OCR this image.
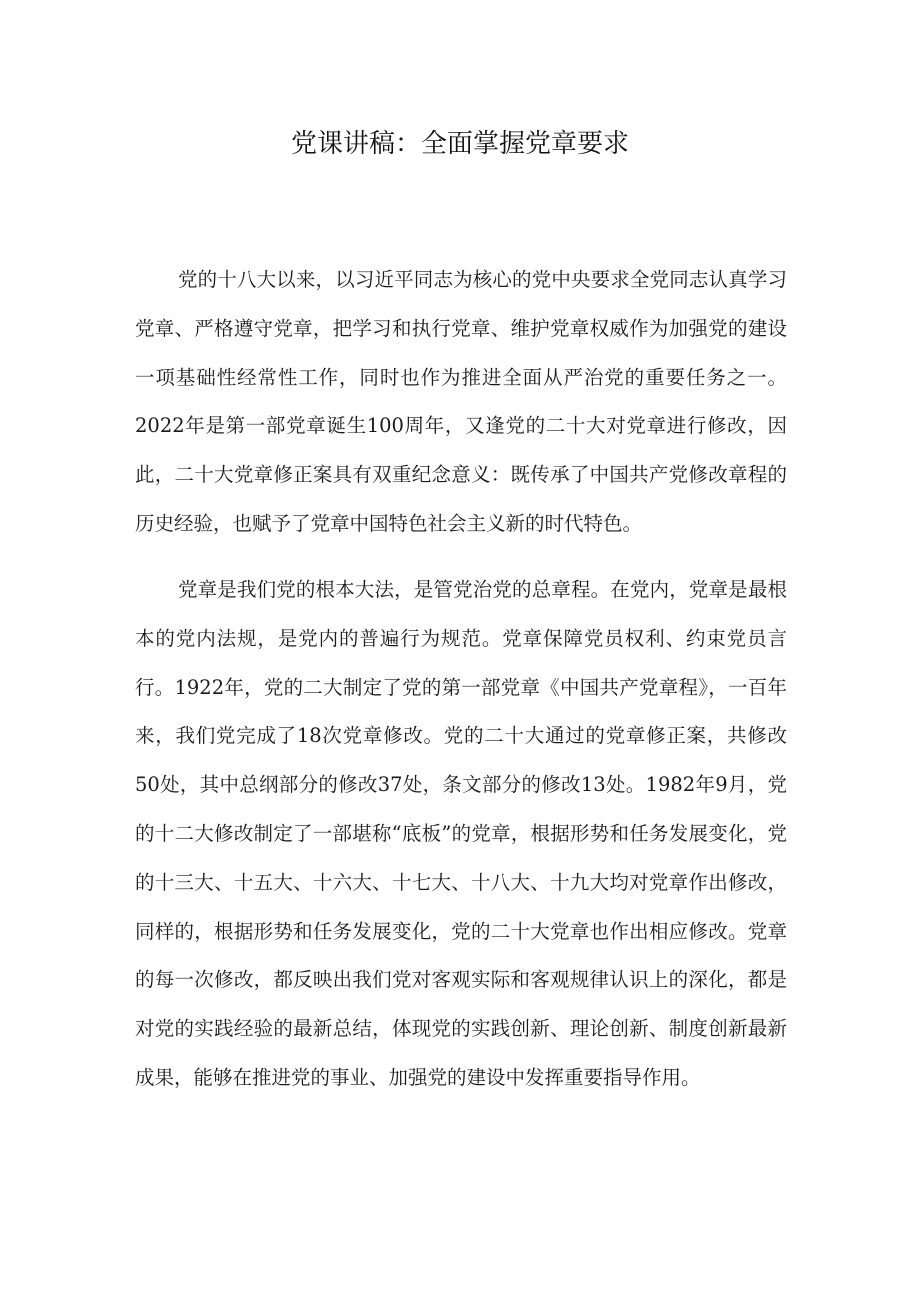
党课讲稿：全面掌握党章要求

党的十八大以来，以习近平同志为核心的党中央要求全党同志认真学习党章、严格遵守党章，把学习和执行党章、维护党章权威作为加强党的建设一项基础性经常性工作，同时也作为推进全面从严治党的重要任务之一。2022年是第一部党章诞生100周年，又逢党的二十大对党章进行修改，因此，二十大党章修正案具有双重纪念意义：既传承了中国共产党修改章程的历史经验，也赋予了党章中国特色社会主义新的时代特色。

党章是我们党的根本大法，是管党治党的总章程。在党内，党章是最根本的党内法规，是党内的普遍行为规范。党章保障党员权利、约束党员言行。1922年，党的二大制定了党的第一部党章《中国共产党章程》，一百年来，我们党完成了18次党章修改。党的二十大通过的党章修正案，共修改50处，其中总纲部分的修改37处，条文部分的修改13处。1982年9月，党的十二大修改制定了一部堪称“底板”的党章，根据形势和任务发展变化，党的十三大、十五大、十六大、十七大、十八大、十九大均对党章作出修改，同样的，根据形势和任务发展变化，党的二十大党章也作出相应修改。党章的每一次修改，都反映出我们党对客观实际和客观规律认识上的深化，都是对党的实践经验的最新总结，体现党的实践创新、理论创新、制度创新最新成果，能够在推进党的事业、加强党的建设中发挥重要指导作用。
